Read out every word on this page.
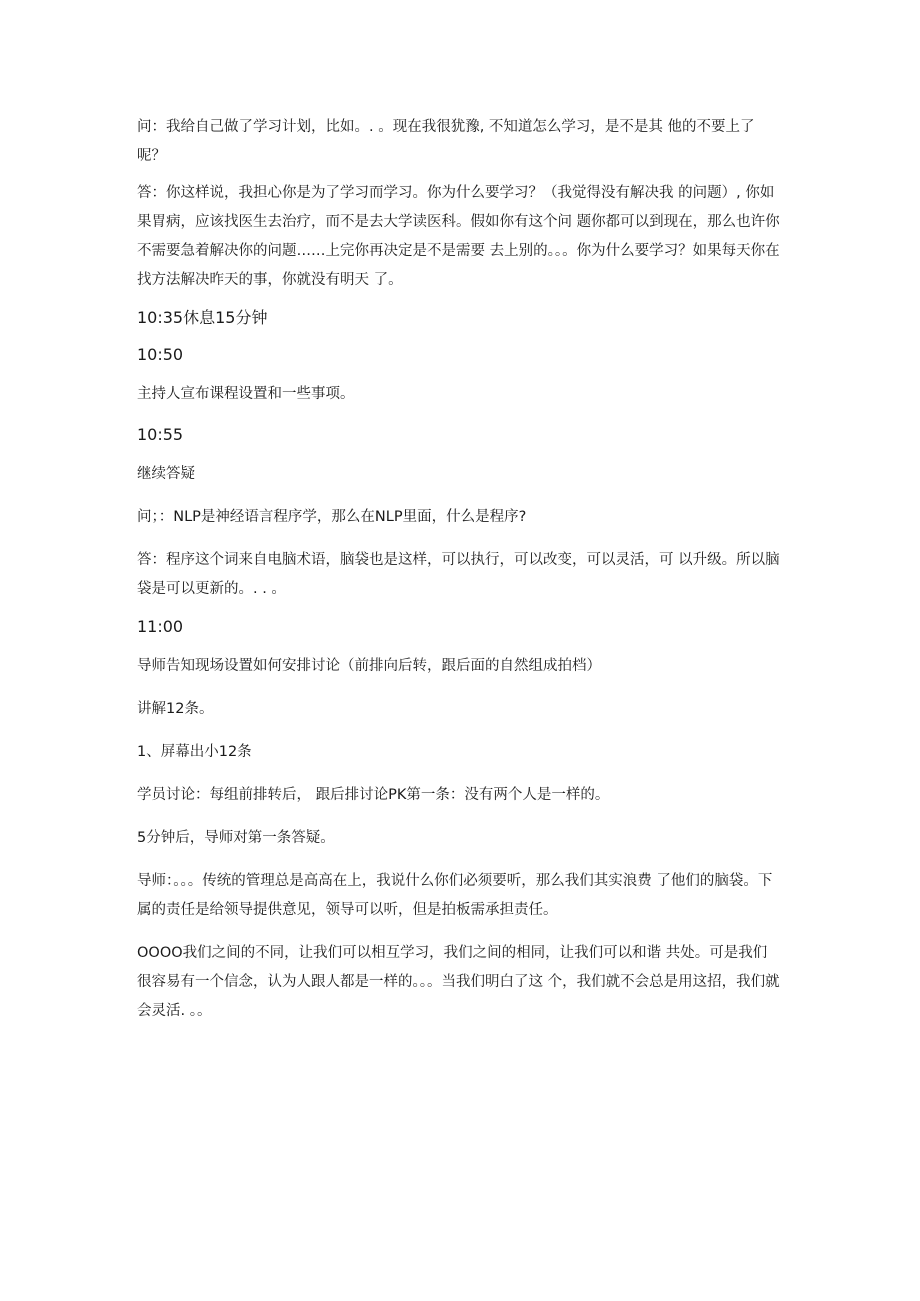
问：我给自己做了学习计划，比如。. 。现在我很犹豫, 不知道怎么学习，是不是其 他的不要上了呢？

答：你这样说，我担心你是为了学习而学习。你为什么要学习？（我觉得没有解决我 的问题）, 你如果胃病，应该找医生去治疗，而不是去大学读医科。假如你有这个问 题你都可以到现在，那么也许你不需要急着解决你的问题……上完你再决定是不是需要 去上别的。。。你为什么要学习？如果每天你在找方法解决昨天的事，你就没有明天 了。

10:35休息15分钟

10:50

主持人宣布课程设置和一些事项。

10:55

继续答疑

问；：NLP是神经语言程序学，那么在NLP里面，什么是程序?

答：程序这个词来自电脑术语，脑袋也是这样，可以执行，可以改变，可以灵活，可 以升级。所以脑袋是可以更新的。. . 。

11:00

导师告知现场设置如何安排讨论（前排向后转，跟后面的自然组成拍档）

讲解12条。

1、屏幕出小12条

学员讨论：每组前排转后， 跟后排讨论PK第一条：没有两个人是一样的。

5分钟后，导师对第一条答疑。

导师：。。。传统的管理总是高高在上，我说什么你们必须要听，那么我们其实浪费 了他们的脑袋。下属的责任是给领导提供意见，领导可以听，但是拍板需承担责任。

OOOO我们之间的不同，让我们可以相互学习，我们之间的相同，让我们可以和谐 共处。可是我们很容易有一个信念，认为人跟人都是一样的。。。当我们明白了这 个，我们就不会总是用这招，我们就会灵活. 。。
